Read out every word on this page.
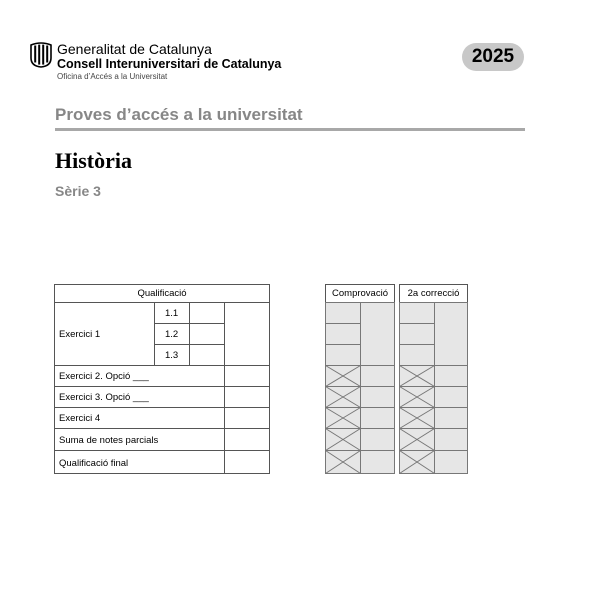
Generalitat de Catalunya
Consell Interuniversitari de Catalunya
Oficina d’Accés a la Universitat
2025
Proves d’accés a la universitat
Història
Sèrie 3
Qualificació
Exercici 1
1.1
1.2
1.3
Exercici 2. Opció ___
Exercici 3. Opció ___
Exercici 4
Suma de notes parcials
Qualificació final
Comprovació	2a correcció
